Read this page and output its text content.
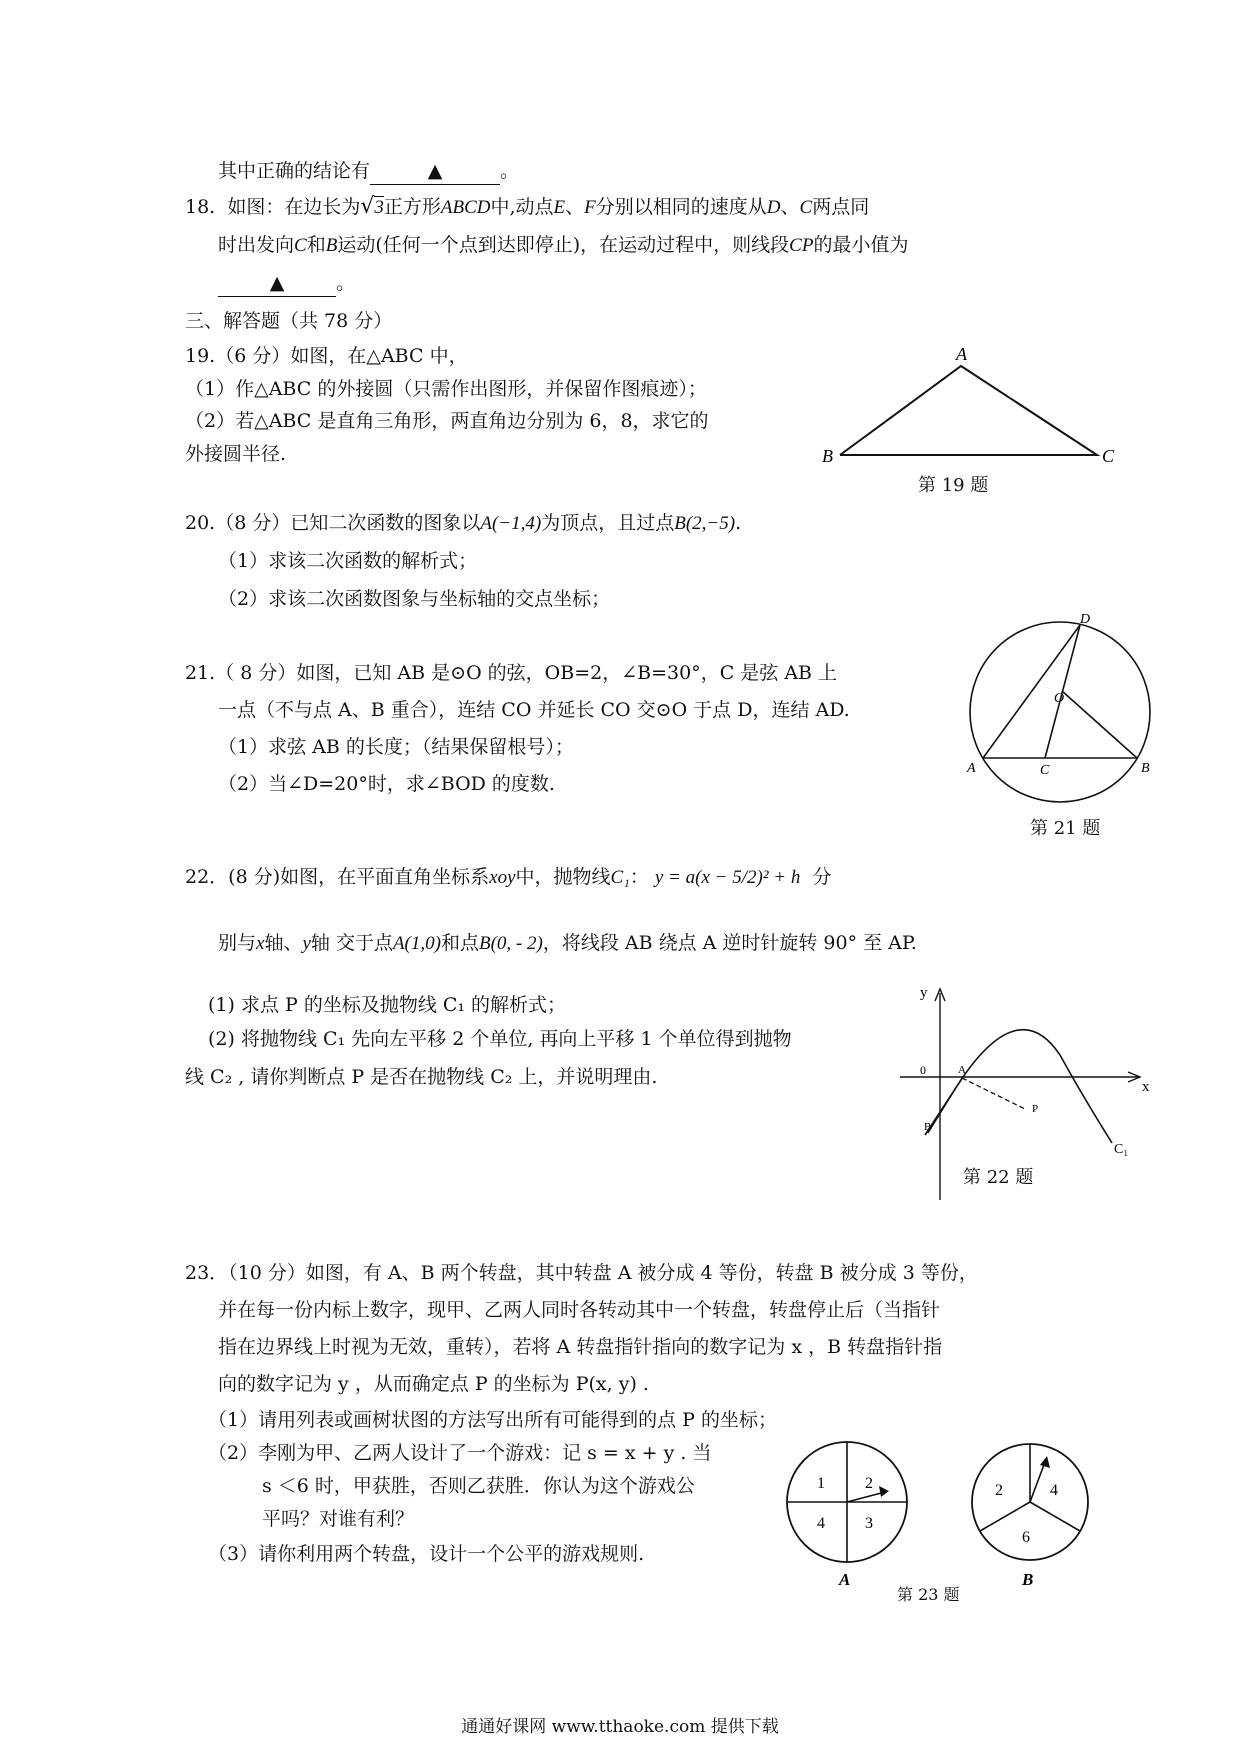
其中正确的结论有	▲	。
18. 如图：在边长为√3正方形ABCD中,动点E、F分别以相同的速度从D、C两点同
时出发向C和B运动(任何一个点到达即停止)，在运动过程中，则线段CP的最小值为
▲	。
三、解答题（共 78 分）
19.（6 分）如图，在△ABC 中，
（1）作△ABC 的外接圆（只需作出图形，并保留作图痕迹）；
（2）若△ABC 是直角三角形，两直角边分别为 6，8，求它的
外接圆半径.
A
B	C
第 19 题
20.（8 分）已知二次函数的图象以A(−1,4)为顶点，且过点B(2,−5).
（1）求该二次函数的解析式；
（2）求该二次函数图象与坐标轴的交点坐标；
21.（ 8 分）如图，已知 AB 是⊙O 的弦，OB=2，∠B=30°，C 是弦 AB 上
一点（不与点 A、B 重合），连结 CO 并延长 CO 交⊙O 于点 D，连结 AD.
（1）求弦 AB 的长度；（结果保留根号）；
（2）当∠D=20°时，求∠BOD 的度数.
D
O
A	C	B
第 21 题
22．(8 分)如图，在平面直角坐标系xoy中，抛物线C₁： y = a(x − 5/2)² + h 分
别与x轴、y轴 交于点A(1,0)和点B(0, - 2)，将线段 AB 绕点 A 逆时针旋转 90° 至 AP.
(1) 求点 P 的坐标及抛物线 C₁ 的解析式；
(2) 将抛物线 C₁ 先向左平移 2 个单位, 再向上平移 1 个单位得到抛物
线 C₂ , 请你判断点 P 是否在抛物线 C₂ 上，并说明理由.
y
x
0	A
B
P
C₁
第 22 题
23．（10 分）如图，有 A、B 两个转盘，其中转盘 A 被分成 4 等份，转盘 B 被分成 3 等份，
并在每一份内标上数字，现甲、乙两人同时各转动其中一个转盘，转盘停止后（当指针
指在边界线上时视为无效，重转），若将 A 转盘指针指向的数字记为 x ，B 转盘指针指
向的数字记为 y ，从而确定点 P 的坐标为 P(x, y) .
（1）请用列表或画树状图的方法写出所有可能得到的点 P 的坐标；
（2）李刚为甲、乙两人设计了一个游戏：记 s = x + y . 当
s ＜6 时，甲获胜，否则乙获胜．你认为这个游戏公
平吗？对谁有利？
（3）请你利用两个转盘，设计一个公平的游戏规则.
1	2
4	3
A
2	4
6
B
第 23 题
通通好课网 www.tthaoke.com 提供下载
